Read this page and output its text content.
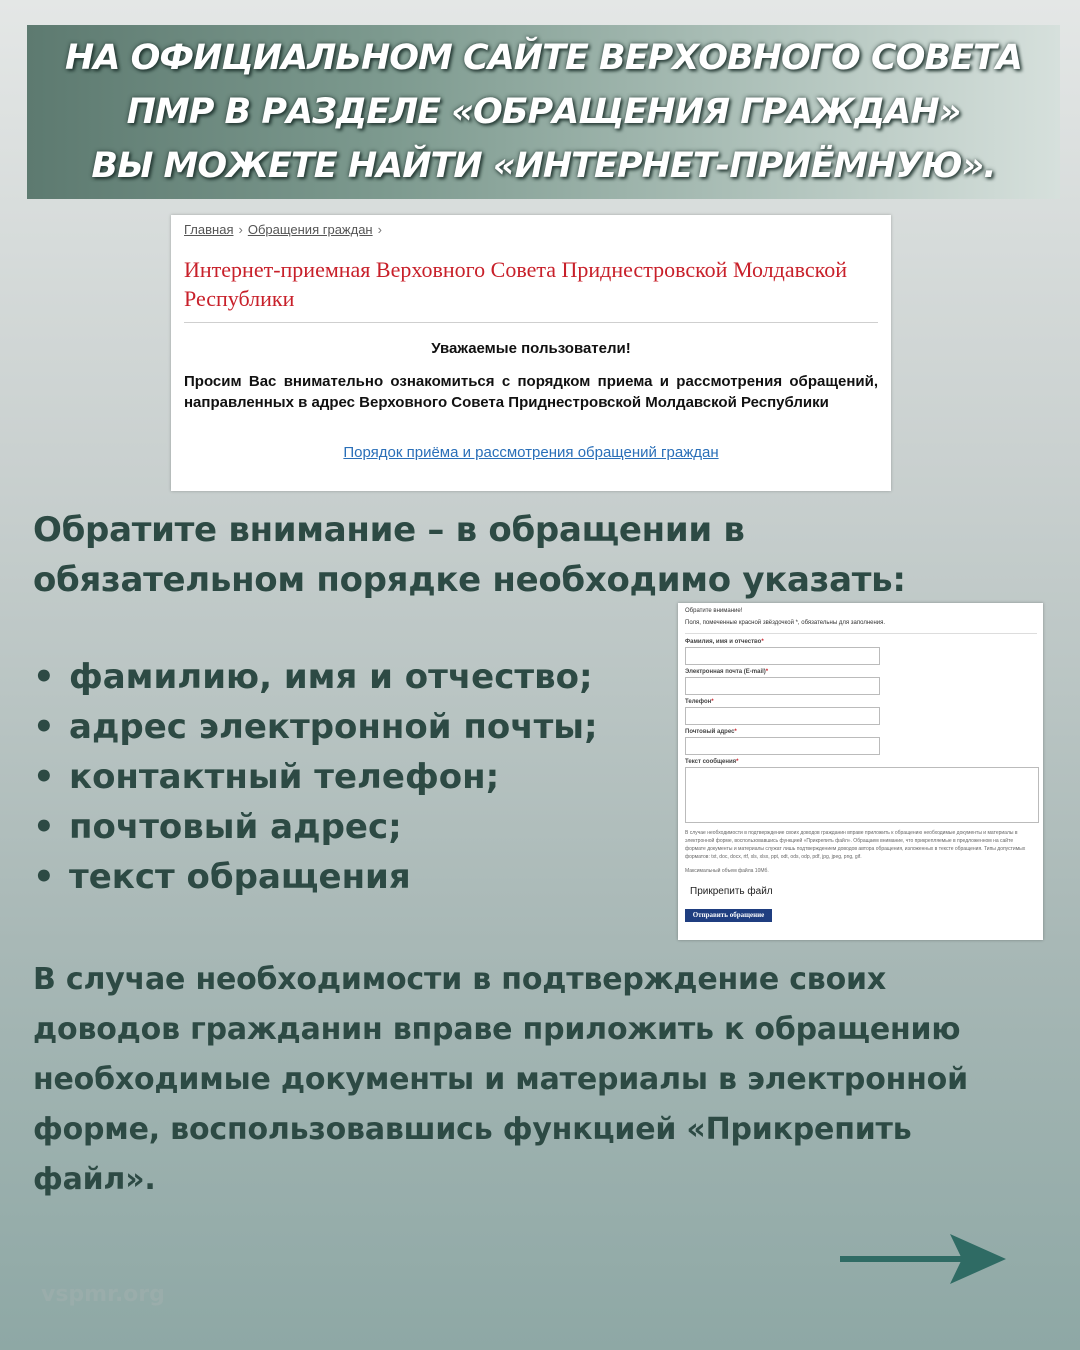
НА ОФИЦИАЛЬНОМ САЙТЕ ВЕРХОВНОГО СОВЕТА
ПМР В РАЗДЕЛЕ «ОБРАЩЕНИЯ ГРАЖДАН»
ВЫ МОЖЕТЕ НАЙТИ «ИНТЕРНЕТ-ПРИЁМНУЮ».
Главная › Обращения граждан ›
Интернет-приемная Верховного Совета Приднестровской Молдавской Республики
Уважаемые пользователи!
Просим Вас внимательно ознакомиться с порядком приема и рассмотрения обращений, направленных в адрес Верховного Совета Приднестровской Молдавской Республики
Порядок приёма и рассмотрения обращений граждан
Обратите внимание – в обращении в
обязательном порядке необходимо указать:
• фамилию, имя и отчество;
• адрес электронной почты;
• контактный телефон;
• почтовый адрес;
• текст обращения
Обратите внимание!
Поля, помеченные красной звёздочкой *, обязательны для заполнения.
Фамилия, имя и отчество*
Электронная почта (E-mail)*
Телефон*
Почтовый адрес*
Текст сообщения*
В случае необходимости в подтверждение своих доводов гражданин вправе приложить к обращению необходимые документы и материалы в электронной форме, воспользовавшись функцией «Прикрепить файл». Обращаем внимание, что прикрепляемые в предложенном на сайте формате документы и материалы служат лишь подтверждением доводов автора обращения, изложенных в тексте обращения. Типы допустимых форматов: txt, doc, docx, rtf, xls, xlsx, ppt, odt, ods, odp, pdf, jpg, jpeg, png, gif.
Максимальный объем файла 10Мб.
Прикрепить файл
Отправить обращение
В случае необходимости в подтверждение своих доводов гражданин вправе приложить к обращению необходимые документы и материалы в электронной форме, воспользовавшись функцией «Прикрепить файл».
vspmr.org
